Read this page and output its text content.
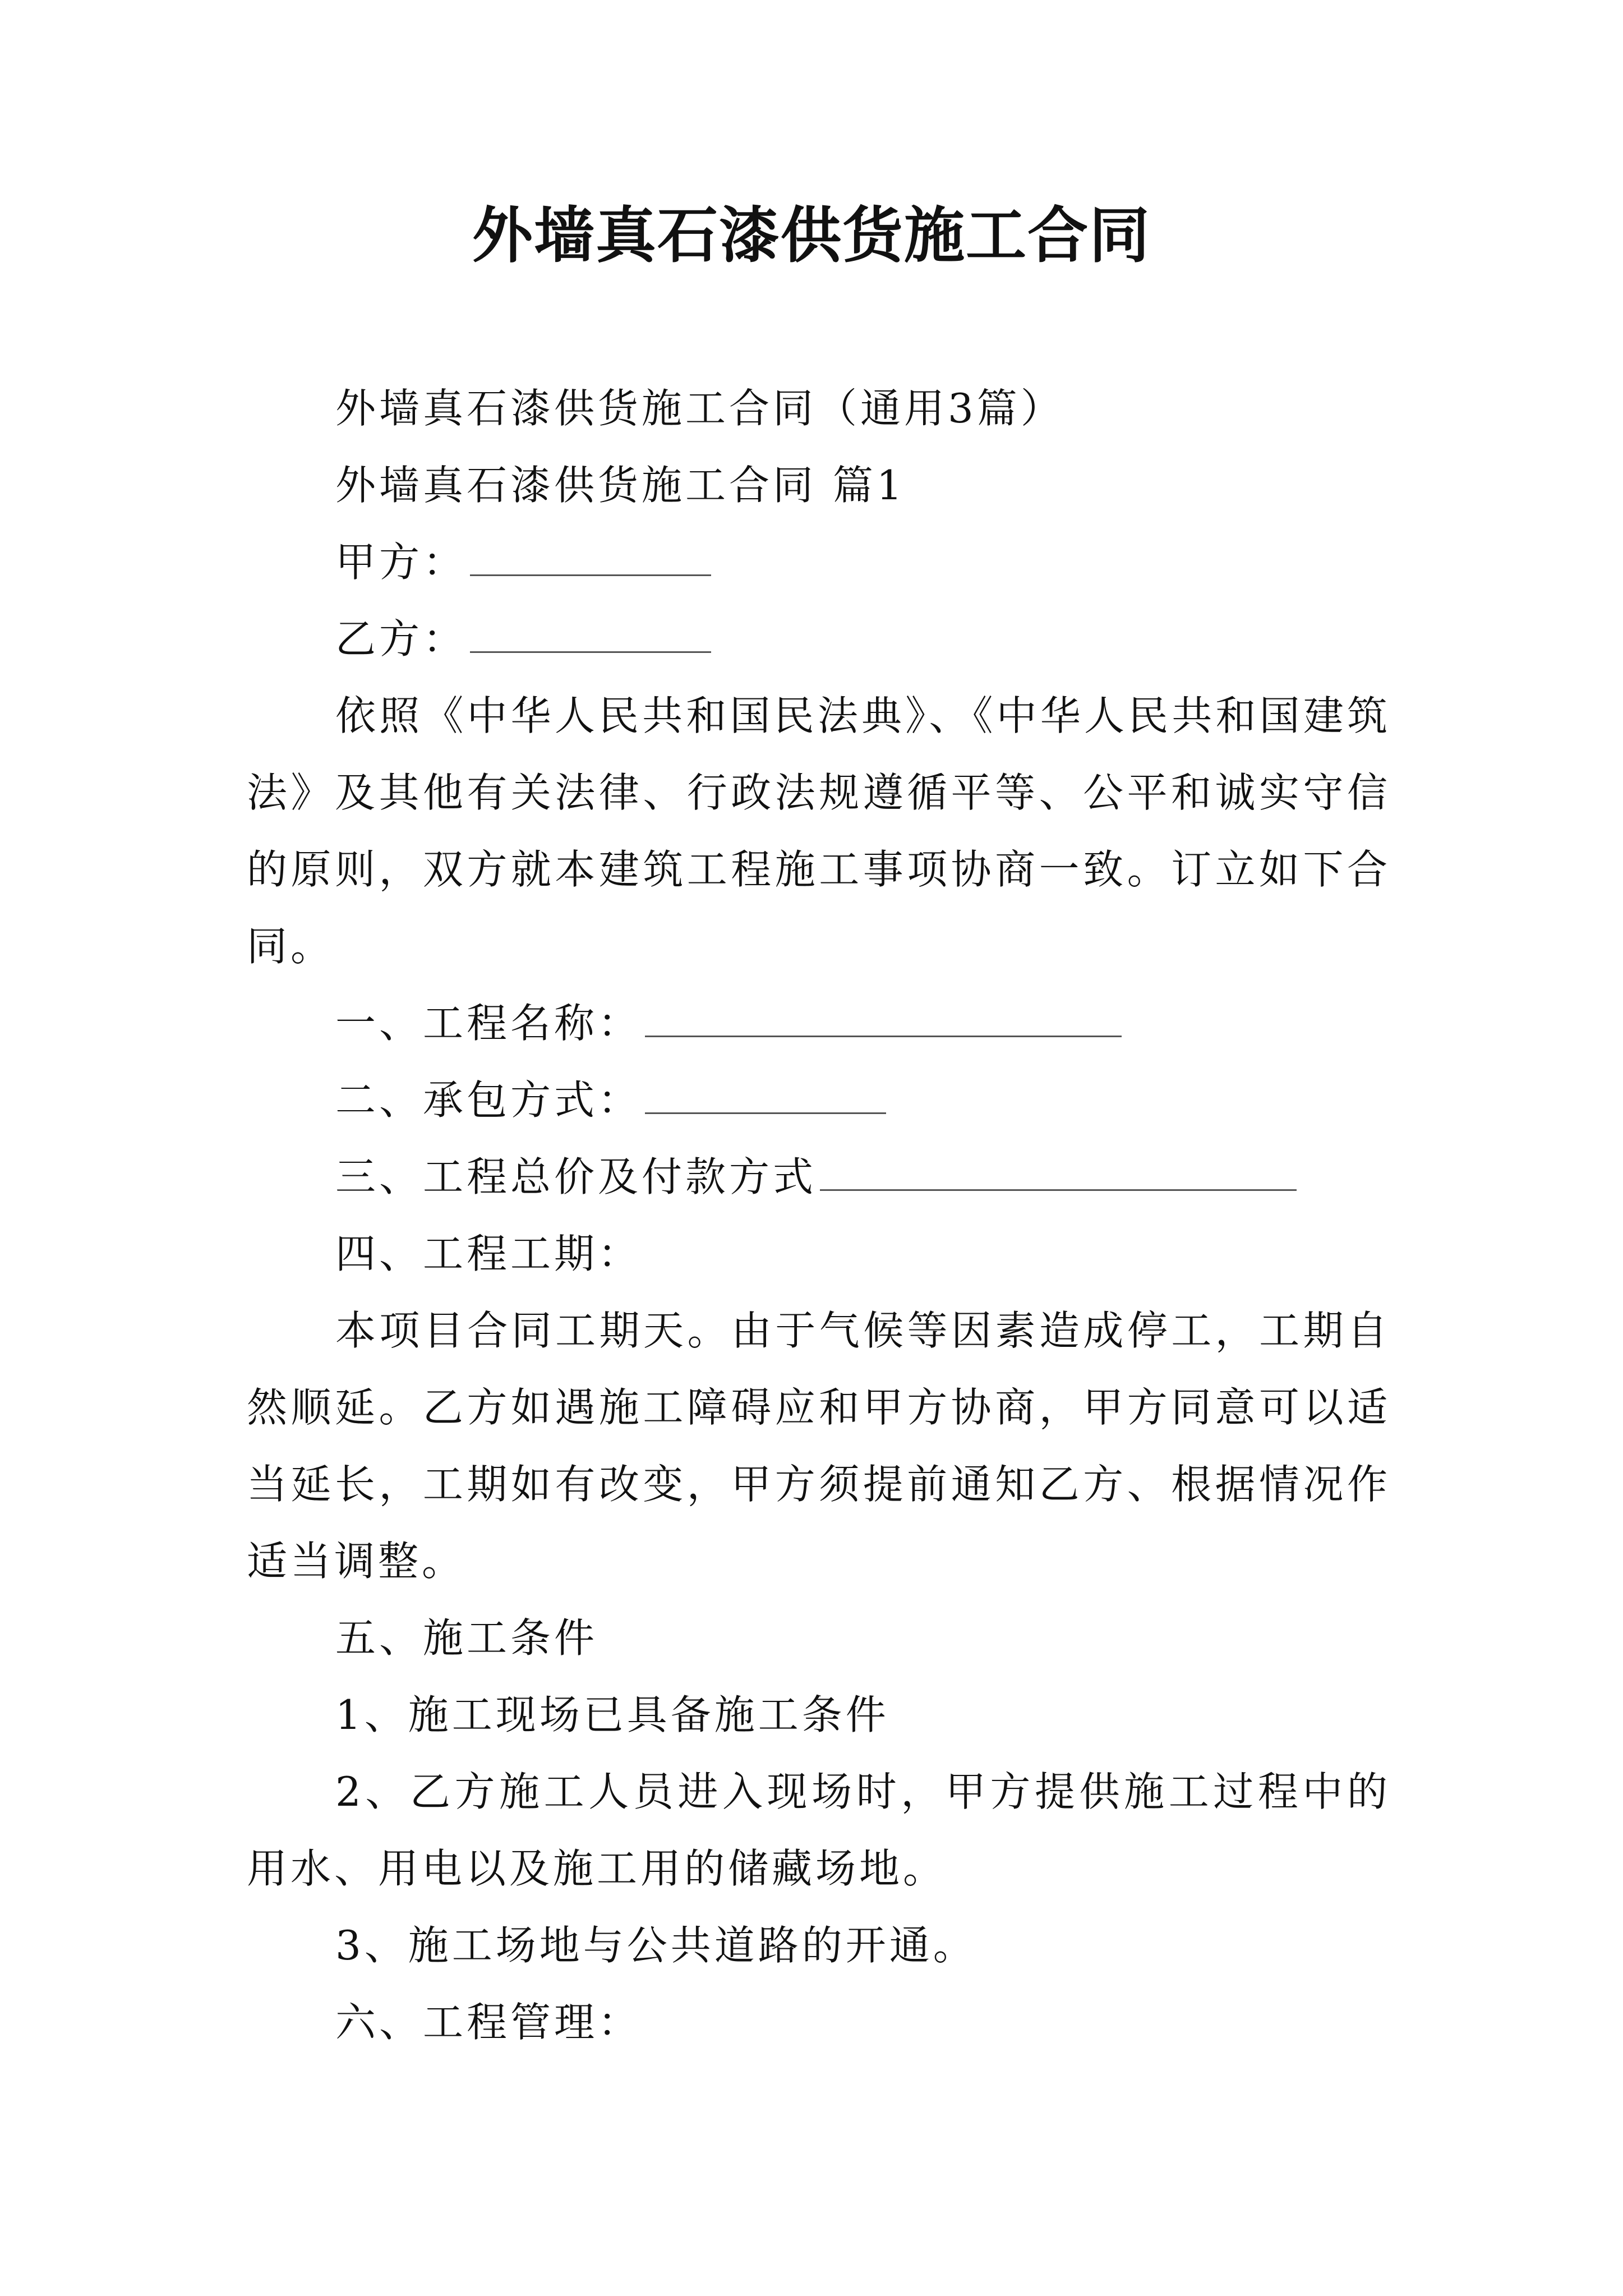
外墙真石漆供货施工合同

外墙真石漆供货施工合同（通用3篇）

外墙真石漆供货施工合同 篇1

甲方：

乙方：

依照《中华人民共和国民法典》、《中华人民共和国建筑法》及其他有关法律、行政法规遵循平等、公平和诚实守信的原则，双方就本建筑工程施工事项协商一致。订立如下合同。

一、工程名称：

二、承包方式：

三、工程总价及付款方式

四、工程工期：

本项目合同工期天。由于气候等因素造成停工，工期自然顺延。乙方如遇施工障碍应和甲方协商，甲方同意可以适当延长，工期如有改变，甲方须提前通知乙方、根据情况作适当调整。

五、施工条件

1、施工现场已具备施工条件

2、乙方施工人员进入现场时，甲方提供施工过程中的用水、用电以及施工用的储藏场地。

3、施工场地与公共道路的开通。

六、工程管理：
